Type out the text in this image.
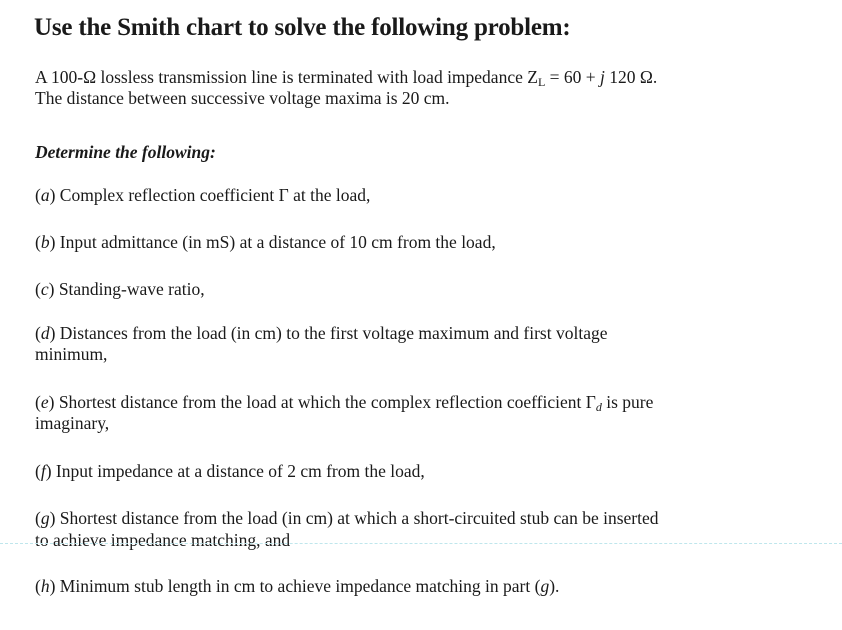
Use the Smith chart to solve the following problem:
A 100-Ω lossless transmission line is terminated with load impedance $Z_L = 60 + j$ 120 Ω.
The distance between successive voltage maxima is 20 cm.
Determine the following:
(a) Complex reflection coefficient Γ at the load,
(b) Input admittance (in mS) at a distance of 10 cm from the load,
(c) Standing-wave ratio,
(d) Distances from the load (in cm) to the first voltage maximum and first voltage
minimum,
(e) Shortest distance from the load at which the complex reflection coefficient $\Gamma_d$ is pure
imaginary,
(f) Input impedance at a distance of 2 cm from the load,
(g) Shortest distance from the load (in cm) at which a short-circuited stub can be inserted
to achieve impedance matching, and
(h) Minimum stub length in cm to achieve impedance matching in part (g).
